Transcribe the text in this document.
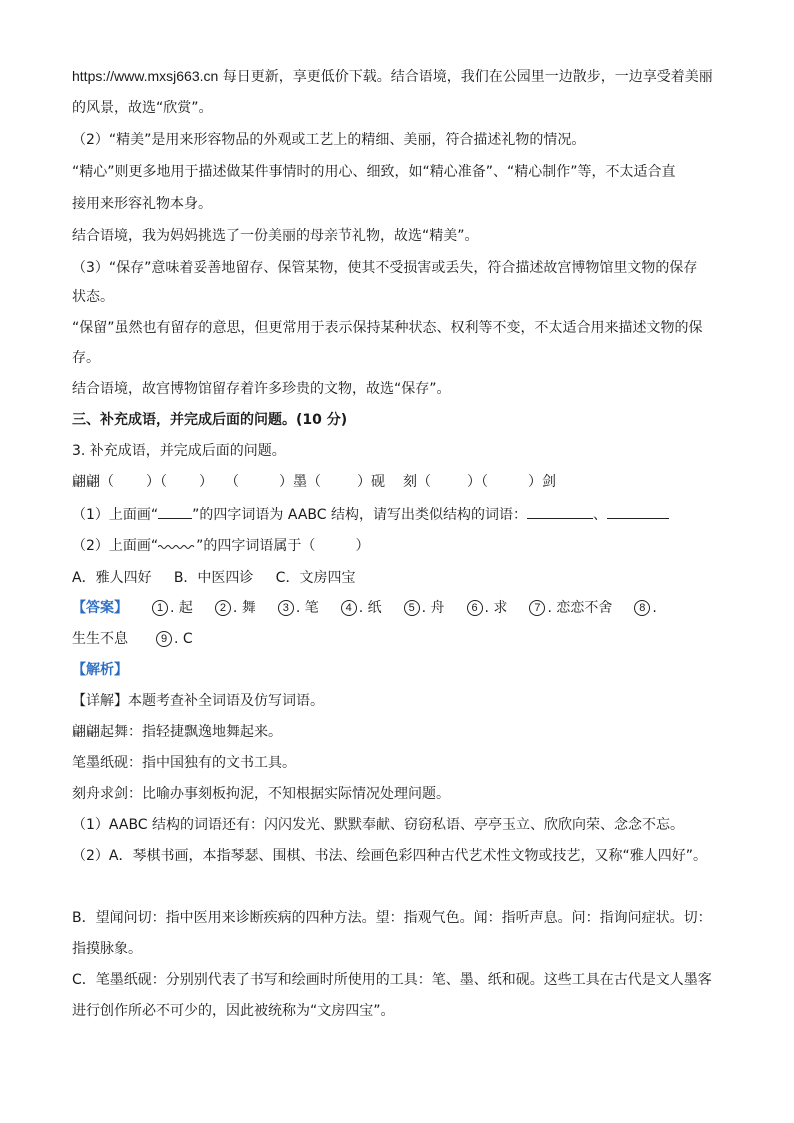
https://www.mxsj663.cn 每日更新，享更低价下载。结合语境，我们在公园里一边散步，一边享受着美丽
的风景，故选“欣赏”。
（2）“精美”是用来形容物品的外观或工艺上的精细、美丽，符合描述礼物的情况。
“精心”则更多地用于描述做某件事情时的用心、细致，如“精心准备”、“精心制作”等，不太适合直
接用来形容礼物本身。
结合语境，我为妈妈挑选了一份美丽的母亲节礼物，故选“精美”。
（3）“保存”意味着妥善地留存、保管某物，使其不受损害或丢失，符合描述故宫博物馆里文物的保存
状态。
“保留”虽然也有留存的意思，但更常用于表示保持某种状态、权利等不变，不太适合用来描述文物的保
存。
结合语境，故宫博物馆留存着许多珍贵的文物，故选“保存”。
三、补充成语，并完成后面的问题。(10 分)
3. 补充成语，并完成后面的问题。
翩翩（ ）（ ） （	）墨（	）砚 刻（	）（	）剑
（1）上面画“ ”的四字词语为 AABC 结构，请写出类似结构的词语：	、
（2）上面画“	”的四字词语属于（	）
A．雅人四好     B．中医四诊     C．文房四宝
【答案】	1 . 起 2 . 舞 3 . 笔 4 . 纸 5 . 舟 6 . 求 7 . 恋恋不舍 8 .
生生不息	9 . C
【解析】
【详解】本题考查补全词语及仿写词语。
翩翩起舞：指轻捷飘逸地舞起来。
笔墨纸砚：指中国独有的文书工具。
刻舟求剑：比喻办事刻板拘泥，不知根据实际情况处理问题。
（1）AABC 结构的词语还有：闪闪发光、默默奉献、窃窃私语、亭亭玉立、欣欣向荣、念念不忘。
（2）A．琴棋书画，本指琴瑟、围棋、书法、绘画色彩四种古代艺术性文物或技艺，又称“雅人四好”。
B．望闻问切：指中医用来诊断疾病的四种方法。望：指观气色。闻：指听声息。问：指询问症状。切：
指摸脉象。
C．笔墨纸砚：分别别代表了书写和绘画时所使用的工具：笔、墨、纸和砚。这些工具在古代是文人墨客
进行创作所必不可少的，因此被统称为“文房四宝”。
